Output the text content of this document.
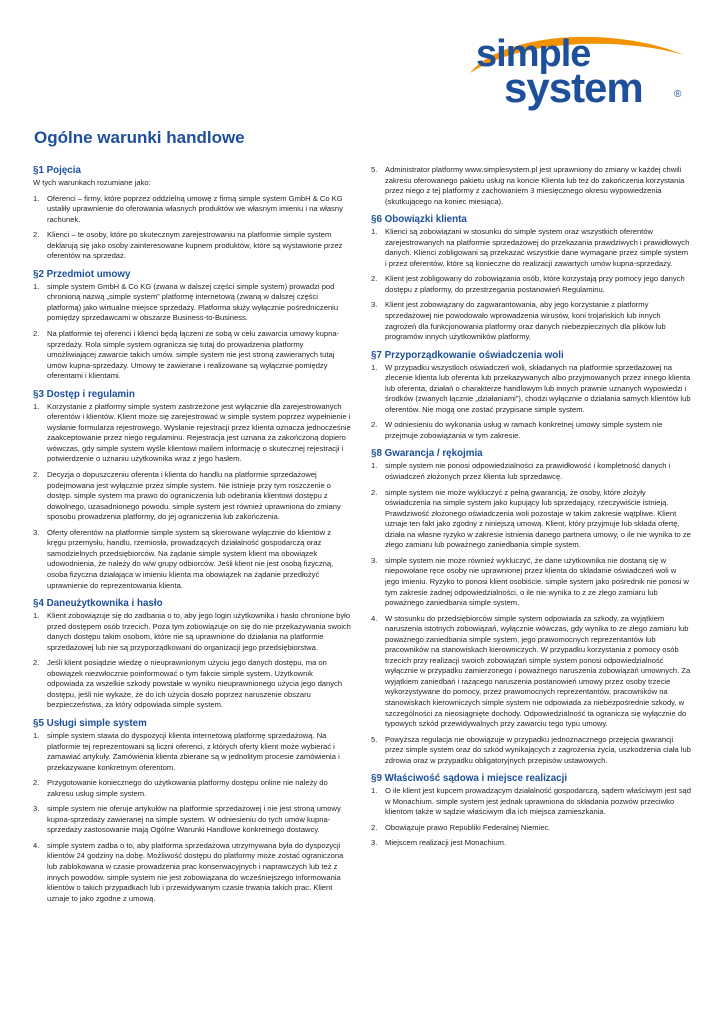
simple
system	®
Ogólne warunki handlowe
§1 Pojęcia

W tych warunkach rozumiane jako:

1.	Oferenci – firmy, które poprzez oddzielną umowę z firmą simple system GmbH & Co KG ustaliły uprawnienie do oferowania własnych produktów we własnym imieniu i na własny rachunek.
2.	Klienci – te osoby, które po skutecznym zarejestrowaniu na platformie simple system deklarują się jako osoby zainteresowane kupnem produktów, które są wystawione przez oferentów na sprzedaż.
§2 Przedmiot umowy
1.	simple system GmbH & Co KG (zwana w dalszej części simple system) prowadzi pod chronioną nazwą „simple system” platformę internetową (zwaną w dalszej części platformą) jako wirtualne miejsce sprzedaży. Platforma służy wyłącznie pośredniczeniu pomiędzy sprzedawcami w obszarze Business-to-Business.
2.	Na platformie tej oferenci i klienci będą łączeni ze sobą w celu zawarcia umowy kupna-sprzedaży. Rola simple system ogranicza się tutaj do prowadzenia platformy umożliwiającej zawarcie takich umów. simple system nie jest stroną zawieranych tutaj umów kupna-sprzedaży. Umowy te zawierane i realizowane są wyłącznie pomiędzy oferentami i klientami.
§3 Dostęp i regulamin
1.	Korzystanie z platformy simple system zastrzeżone jest wyłącznie dla zarejestrowanych oferentów i klientów. Klient może się zarejestrować w simple system poprzez wypełnienie i wysłanie formularza rejestrowego. Wysłanie rejestracji przez klienta oznacza jednocześnie zaakceptowanie przez niego regulaminu. Rejestracja jest uznana za zakończoną dopiero wówczas, gdy simple system wyśle klientowi mailem informację o skutecznej rejestracji i potwierdzenie o uznaniu użytkownika wraz z jego hasłem.
2.	Decyzja o dopuszczeniu oferenta i klienta do handlu na platformie sprzedażowej podejmowana jest wyłącznie przez simple system. Nie istnieje przy tym roszczenie o dostęp. simple system ma prawo do ograniczenia lub odebrania klientowi dostępu z dowolnego, uzasadnionego powodu. simple system jest również uprawniona do zmiany sposobu prowadzenia platformy, do jej ograniczenia lub zakończenia.
3.	Oferty oferentów na platformie simple system są skierowane wyłącznie do klientów z kręgu przemysłu, handlu, rzemiosła, prowadzących działalność gospodarczą oraz samodzielnych przedsiębiorców. Na żądanie simple system klient ma obowiązek udowodnienia, że należy do w/w grupy odbiorców. Jeśli klient nie jest osobą fizyczną, osoba fizyczna działająca w imieniu klienta ma obowiązek na żądanie przedłożyć uprawnienie do reprezentowania klienta.
§4 Daneużytkownika i hasło
1.	Klient zobowiązuje się do zadbania o to, aby jego login użytkownika i hasło chronione było przed dostępem osób trzecich. Poza tym zobowiązuje on się do nie przekazywania swoich danych dostępu takim osobom, które nie są uprawnione do działania na platformie sprzedażowej lub nie są przyporządkowani do organizacji jego przedsiębiorstwa.
2.	Jeśli klient posiądzie wiedzę o nieuprawnionym użyciu jego danych dostępu, ma on obowiązek niezwłocznie poinformować o tym fakcie simple system. Użytkownik odpowiada za wszelkie szkody powstałe w wyniku nieuprawnionego użycia jego danych dostępu, jeśli nie wykaże, że do ich użycia doszło poprzez naruszenie obszaru bezpieczeństwa, za który odpowiada simple system.
§5 Usługi simple system
1.	simple system stawia do dyspozycji klienta internetową platformę sprzedażową. Na platformie tej reprezentowani są liczni oferenci, z których oferty klient może wybierać i zamawiać artykuły. Zamówienia klienta zbierane są w jednolitym procesie zamówienia i przekazywane konkretnym oferentom.
2.	Przygotowanie koniecznego do użytkowania platformy dostępu online nie należy do zakresu usług simple system.
3.	simple system nie oferuje artykułów na platformie sprzedażowej i nie jest stroną umowy kupna-sprzedaży zawieranej na simple system. W odniesieniu do tych umów kupna-sprzedaży zastosowanie mają Ogólne Warunki Handlowe konkretnego dostawcy.
4.	simple system zadba o to, aby platforma sprzedażowa utrzymywana była do dyspozycji klientów 24 godziny na dobę. Możliwość dostępu do platformy może zostać ograniczona lub zablokowana w czasie prowadzenia prac konserwacyjnych i naprawczych lub też z innych powodów. simple system nie jest zobowiązana do wcześniejszego informowania klientów o takich przypadkach lub i przewidywanym czasie trwania takich prac. Klient uznaje to jako zgodne z umową.
5.	Administrator platformy www.simplesystem.pl jest uprawniony do zmiany w każdej chwili zakresu oferowanego pakietu usług na koncie Klienta lub też do zakończenia korzystania przez niego z tej platformy z zachowaniem 3 miesięcznego okresu wypowiedzenia (skutkującego na koniec miesiąca).
§6 Obowiązki klienta
1.	Klienci są zobowiązani w stosunku do simple system oraz wszystkich oferentów zarejestrowanych na platformie sprzedażowej do przekazania prawdziwych i prawidłowych danych. Klienci zobligowani są przekazać wszystkie dane wymagane przez simple system i przez oferentów, które są konieczne do realizacji zawartych umów kupna-sprzedaży.
2.	Klient jest zobligowany do zobowiązania osób, które korzystają przy pomocy jego danych dostępu z platformy, do przestrzegania postanowień Regulaminu.
3.	Klient jest zobowiązany do zagwarantowania, aby jego korzystanie z platformy sprzedażowej nie powodowało wprowadzenia wirusów, koni trojańskich lub innych zagrożeń dla funkcjonowania platformy oraz danych niebezpiecznych dla plików lub programów innych użytkowników platformy.
§7 Przyporządkowanie oświadczenia woli
1.	W przypadku wszystkich oświadczeń woli, składanych na platformie sprzedażowej na zlecenie klienta lub oferenta lub przekazywanych albo przyjmowanych przez innego klienta lub oferenta, działań o charakterze handlowym lub innych prawnie uznanych wypowiedzi i środków (zwanych łącznie „działaniami”), chodzi wyłącznie o działania samych klientów lub oferentów. Nie mogą one zostać przypisane simple system.
2.	W odniesieniu do wykonania usług w ramach konkretnej umowy simple system nie przejmuje zobowiązania w tym zakresie.
§8 Gwarancja / rękojmia
1.	simple system nie ponosi odpowiedzialności za prawidłowość i kompletność danych i oświadczeń złożonych przez klienta lub sprzedawcę.
2.	simple system nie może wykluczyć z pełną gwarancją, że osoby, które złożyły oświadczenia na simple system jako kupujący lub sprzedający, rzeczywiście istnieją. Prawdziwość złożonego oświadczenia woli pozostaje w takim zakresie wątpliwe. Klient uznaje ten fakt jako zgodny z niniejszą umową. Klient, który przyjmuje lub składa ofertę, działa na własne ryzyko w zakresie istnienia danego partnera umowy, o ile nie wynika to ze złego zamiaru lub poważnego zaniedbania simple system.
3.	simple system nie może również wykluczyć, że dane użytkownika nie dostaną się w niepowołane ręce osoby nie uprawnionej przez klienta do składanie oświadczeń woli w jego imieniu. Ryzyko to ponosi klient osobiście. simple system jako pośrednik nie ponosi w tym zakresie żadnej odpowiedzialności, o ile nie wynika to z ze złego zamiaru lub poważnego zaniedbania simple system.
4.	W stosunku do przedsiębiorców simple system odpowiada za szkody, za wyjątkiem naruszenia istotnych zobowiązań, wyłącznie wówczas, gdy wynika to ze złego zamiaru lub poważnego zaniedbania simple system, jego prawomocnych reprezentantów lub pracowników na stanowiskach kierowniczych. W przypadku korzystania z pomocy osób trzecich przy realizacji swoich zobowiązań simple system ponosi odpowiedzialność wyłącznie w przypadku zamierzonego i poważnego naruszenia zobowiązań umownych. Za wyjątkiem zaniedbań i rażącego naruszenia postanowień umowy przez osoby trzecie wykorzystywane do pomocy, przez prawomocnych reprezentantów, pracowników na stanowiskach kierowniczych simple system nie odpowiada za niebezpośrednie szkody, w szczególności za nieosiągnięte dochody. Odpowiedzialność ta ogranicza się wyłącznie do typowych szkód przewidywalnych przy zawarciu tego typu umowy.
5.	Powyższa regulacja nie obowiązuje w przypadku jednoznacznego przejęcia gwarancji przez simple system oraz do szkód wynikających z zagrożenia życia, uszkodzenia ciała lub zdrowia oraz w przypadku obligatoryjnych przepisów ustawowych.
§9 Właściwość sądowa i miejsce realizacji
1.	O ile klient jest kupcem prowadzącym działalność gospodarczą, sądem właściwym jest sąd w Monachium. simple system jest jednak uprawniona do składania pozwów przeciwko klientom także w sądzie właściwym dla ich miejsca zamieszkania.
2.	Obowiązuje prawo Republiki Federalnej Niemiec.
3.	Miejscem realizacji jest Monachium.
